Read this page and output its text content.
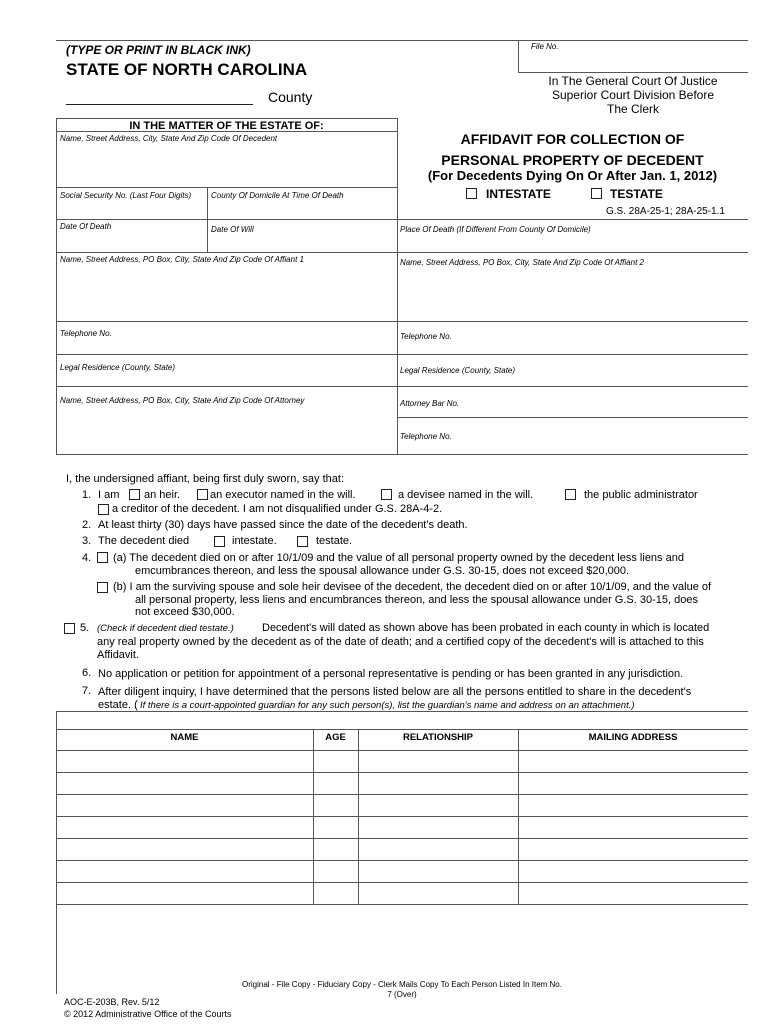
(TYPE OR PRINT IN BLACK INK)
STATE OF NORTH CAROLINA
________________________ County
File No.
In The General Court Of Justice
Superior Court Division Before
The Clerk
IN THE MATTER OF THE ESTATE OF:
Name, Street Address, City, State And Zip Code Of Decedent	AFFIDAVIT FOR COLLECTION OF
PERSONAL PROPERTY OF DECEDENT
(For Decedents Dying On Or After Jan. 1, 2012)
INTESTATE	TESTATE
G.S. 28A-25-1; 28A-25-1.1
Social Security No. (Last Four Digits) County Of Domicile At Time Of Death
Date Of Death	Date Of Will	Place Of Death (If Different From County Of Domicile)
Name, Street Address, PO Box, City, State And Zip Code Of Affiant 1	Name, Street Address, PO Box, City, State And Zip Code Of Affiant 2
Telephone No.	Telephone No.
Legal Residence (County, State)	Legal Residence (County, State)
Name, Street Address, PO Box, City, State And Zip Code Of Attorney	Attorney Bar No.
Telephone No.
I, the undersigned affiant, being first duly sworn, say that:
1. I am an heir.	an executor named in the will.	a devisee named in the will.	the public administrator
a creditor of the decedent. I am not disqualified under G.S. 28A-4-2.
2. At least thirty (30) days have passed since the date of the decedent's death.
3. The decedent died	intestate.	testate.
4. (a) The decedent died on or after 10/1/09 and the value of all personal property owned by the decedent less liens and
emcumbrances thereon, and less the spousal allowance under G.S. 30-15, does not exceed $20,000.
(b) I am the surviving spouse and sole heir devisee of the decedent, the decedent died on or after 10/1/09, and the value of
all personal property, less liens and encumbrances thereon, and less the spousal allowance under G.S. 30-15, does
not exceed $30,000.
5. (Check if decedent died testate.)	Decedent's will dated as shown above has been probated in each county in which is located
any real property owned by the decedent as of the date of death; and a certified copy of the decedent's will is attached to this
Affidavit.
6. No application or petition for appointment of a personal representative is pending or has been granted in any jurisdiction.
7. After diligent inquiry, I have determined that the persons listed below are all the persons entitled to share in the decedent's
estate. ( If there is a court-appointed guardian for any such person(s), list the guardian's name and address on an attachment.)
NAME	AGE	RELATIONSHIP	MAILING ADDRESS
Original - File Copy - Fiduciary Copy - Clerk Mails Copy To Each Person Listed In Item No.
7 (Over)
AOC-E-203B, Rev. 5/12
© 2012 Administrative Office of the Courts
